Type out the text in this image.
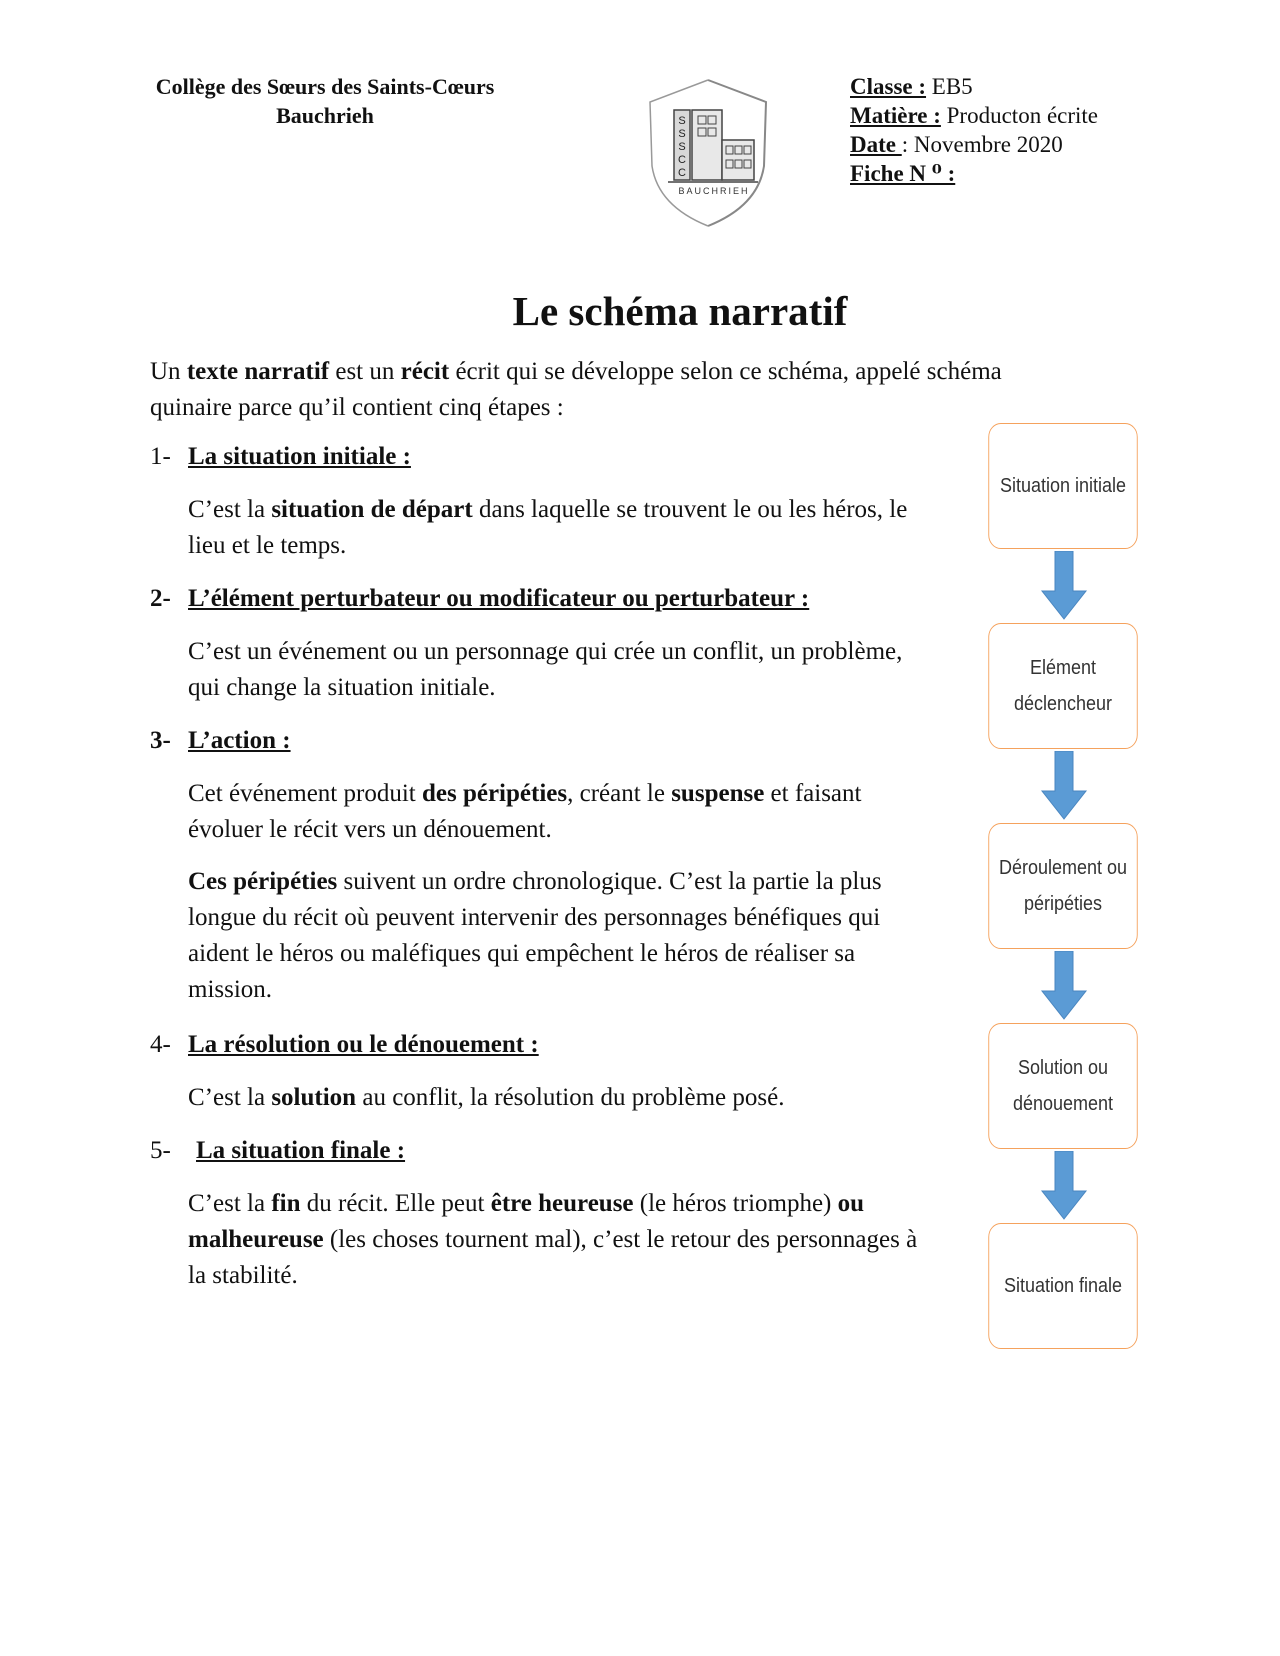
Collège des Sœurs des Saints-Cœurs
Bauchrieh	S
S
S
C
C
BAUCHRIEH
Classe : EB5
Matière : Producton écrite
Date : Novembre 2020
Fiche N ⁰ :
Le schéma narratif
Un texte narratif est un récit écrit qui se développe selon ce schéma, appelé schéma quinaire parce qu’il contient cinq étapes :
1- La situation initiale :
C’est la situation de départ dans laquelle se trouvent le ou les héros, le lieu et le temps.
2- L’élément perturbateur ou modificateur ou perturbateur :
C’est un événement ou un personnage qui crée un conflit, un problème, qui change la situation initiale.
3- L’action :
Cet événement produit des péripéties, créant le suspense et faisant évoluer le récit vers un dénouement.
Ces péripéties suivent un ordre chronologique. C’est la partie la plus longue du récit où peuvent intervenir des personnages bénéfiques qui aident le héros ou maléfiques qui empêchent le héros de réaliser sa mission.
4- La résolution ou le dénouement :
C’est la solution au conflit, la résolution du problème posé.
5- La situation finale :
C’est la fin du récit. Elle peut être heureuse (le héros triomphe) ou malheureuse (les choses tournent mal), c’est le retour des personnages à la stabilité.
Situation initiale
Elément
déclencheur
Déroulement ou
péripéties
Solution ou
dénouement
Situation finale
